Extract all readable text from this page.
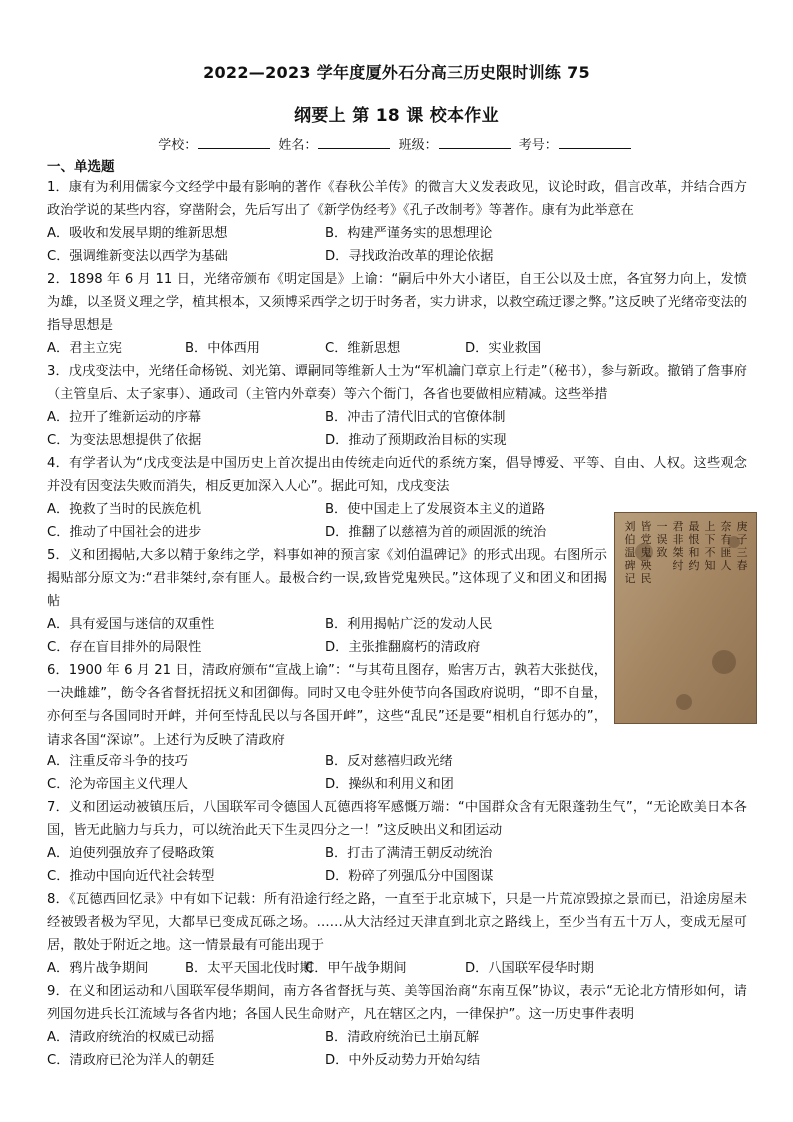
2022—2023 学年度厦外石分高三历史限时训练 75
纲要上 第 18 课 校本作业
学校：	姓名：	班级：	考号：
一、单选题
1．康有为利用儒家今文经学中最有影响的著作《春秋公羊传》的微言大义发表政见，议论时政，倡言改革，并结合西方政治学说的某些内容，穿凿附会，先后写出了《新学伪经考》《孔子改制考》等著作。康有为此举意在
A．吸收和发展早期的维新思想	B．构建严谨务实的思想理论
C．强调维新变法以西学为基础	D．寻找政治改革的理论依据
2．1898 年 6 月 11 日，光绪帝颁布《明定国是》上谕：“嗣后中外大小诸臣，自王公以及士庶，各宜努力向上，发愤为雄，以圣贤义理之学，植其根本，又须博采西学之切于时务者，实力讲求，以救空疏迂谬之弊。”这反映了光绪帝变法的指导思想是
A．君主立宪	B．中体西用	C．维新思想	D．实业救国
3．戊戌变法中，光绪任命杨锐、刘光第、谭嗣同等维新人士为“军机讑门章京上行走”（秘书），参与新政。撤销了詹事府（主管皇后、太子家事）、通政司（主管内外章奏）等六个衙门，各省也要做相应精减。这些举措
A．拉开了维新运动的序幕	B．冲击了清代旧式的官僚体制
C．为变法思想提供了依据	D．推动了预期政治目标的实现
4．有学者认为“戊戌变法是中国历史上首次提出由传统走向近代的系统方案，倡导博爱、平等、自由、人权。这些观念并没有因变法失败而消失，相反更加深入人心”。据此可知，戊戌变法
A．挽救了当时的民族危机	B．使中国走上了发展资本主义的道路
C．推动了中国社会的进步	D．推翻了以慈禧为首的顽固派的统治
5．义和团揭帖,大多以精于象纬之学，料事如神的预言家《刘伯温碑记》的形式出现。右图所示揭贴部分原文为:“君非桀纣,奈有匪人。最极合约一误,致皆党鬼殃民。”这体现了义和团义和团揭帖
A．具有爱国与迷信的双重性	B．利用揭帖广泛的发动人民
C．存在盲目排外的局限性	D．主张推翻腐朽的清政府
庚
子
三
春
奈
有
匪
人
上
下
不
知
最
恨
和
约
君
非
桀
纣
一
误
致
皆
党
鬼
殃
民
刘
伯
温
碑
记
6．1900 年 6 月 21 日，清政府颁布“宣战上谕”：“与其苟且图存，贻害万古，孰若大张挞伐，一决雌雄”，飭令各省督抚招抚义和团御侮。同时又电令驻外使节向各国政府说明，“即不自量，亦何至与各国同时开衅，并何至恃乱民以与各国开衅”，这些“乱民”还是要“相机自行惩办的”，请求各国“深谅”。上述行为反映了清政府
A．注重反帝斗争的技巧	B．反对慈禧归政光绪
C．沦为帝国主义代理人	D．操纵和利用义和团
7．义和团运动被镇压后，八国联军司令德国人瓦德西将军感慨万端：“中国群众含有无限蓬勃生气”，“无论欧美日本各国，皆无此脑力与兵力，可以统治此天下生灵四分之一！”这反映出义和团运动
A．迫使列强放弃了侵略政策	B．打击了满清王朝反动统治
C．推动中国向近代社会转型	D．粉碎了列强瓜分中国图谋
8．《瓦德西回忆录》中有如下记载：所有沿途行经之路，一直至于北京城下，只是一片荒凉毁掠之景而已，沿途房屋未经被毁者极为罕见，大都早已变成瓦砾之场。……从大沽经过天津直到北京之路线上，至少当有五十万人，变成无屋可居，散处于附近之地。这一情景最有可能出现于
A．鸦片战争期间	B．太平天国北伐时期
C．甲午战争期间	D．八国联军侵华时期
9．在义和团运动和八国联军侵华期间，南方各省督抚与英、美等国治商“东南互保”协议，表示“无论北方情形如何，请列国勿进兵长江流域与各省内地；各国人民生命财产，凡在辖区之内，一律保护”。这一历史事件表明
A．清政府统治的权威已动摇	B．清政府统治已土崩瓦解
C．清政府已沦为洋人的朝廷	D．中外反动势力开始勾结
